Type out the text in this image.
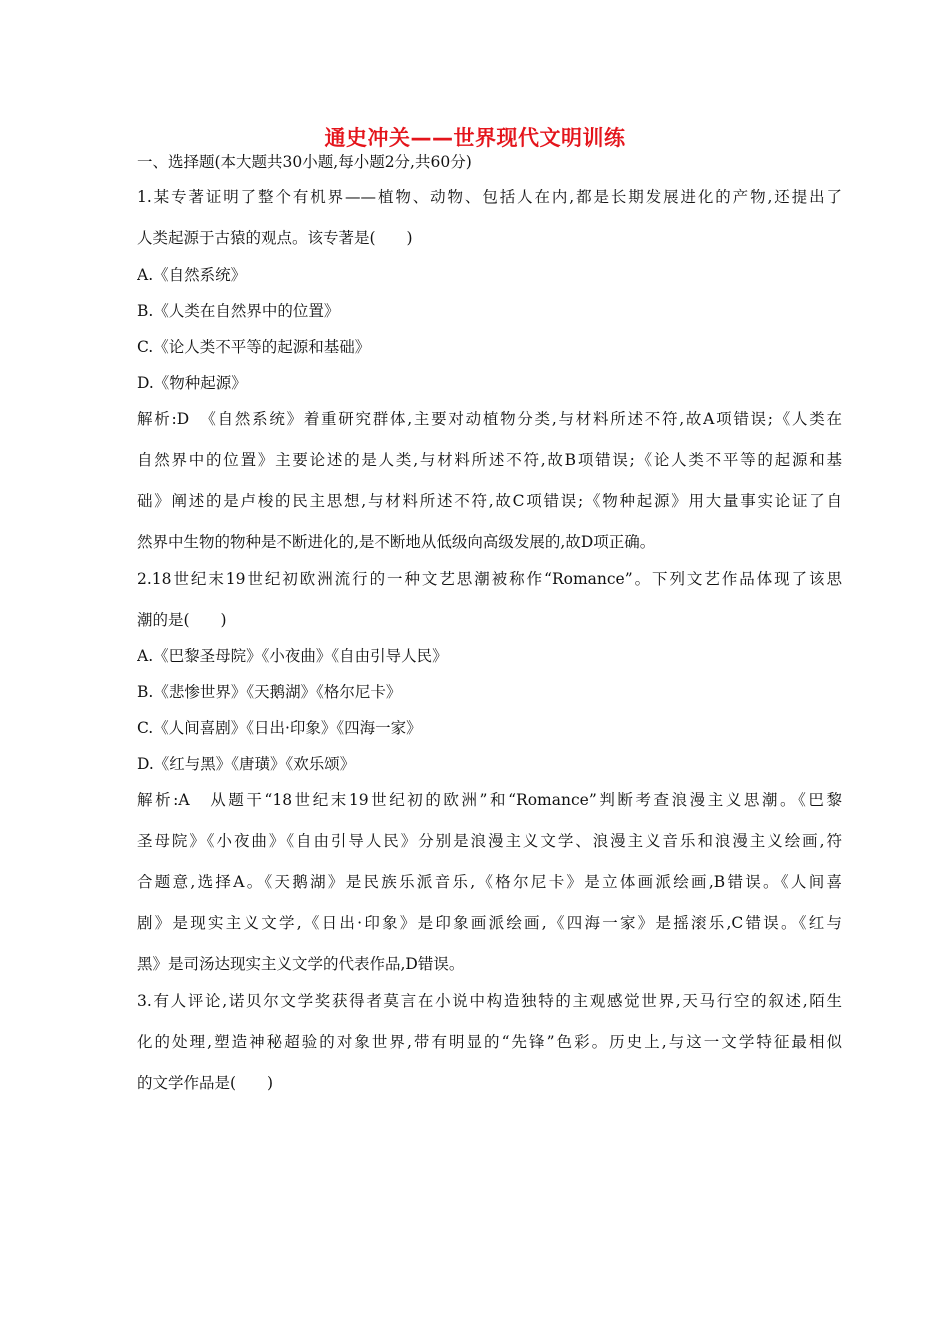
通史冲关——世界现代文明训练
一、选择题(本大题共30小题,每小题2分,共60分)
1.某专著证明了整个有机界——植物、动物、包括人在内,都是长期发展进化的产物,还提出了
人类起源于古猿的观点。该专著是(　　)
A.《自然系统》
B.《人类在自然界中的位置》
C.《论人类不平等的起源和基础》
D.《物种起源》
解析:D　《自然系统》着重研究群体,主要对动植物分类,与材料所述不符,故A项错误;《人类在
自然界中的位置》主要论述的是人类,与材料所述不符,故B项错误;《论人类不平等的起源和基
础》阐述的是卢梭的民主思想,与材料所述不符,故C项错误;《物种起源》用大量事实论证了自
然界中生物的物种是不断进化的,是不断地从低级向高级发展的,故D项正确。
2.18世纪末19世纪初欧洲流行的一种文艺思潮被称作“Romance”。下列文艺作品体现了该思
潮的是(　　)
A.《巴黎圣母院》《小夜曲》《自由引导人民》
B.《悲惨世界》《天鹅湖》《格尔尼卡》
C.《人间喜剧》《日出·印象》《四海一家》
D.《红与黑》《唐璜》《欢乐颂》
解析:A　从题干“18世纪末19世纪初的欧洲”和“Romance”判断考查浪漫主义思潮。《巴黎
圣母院》《小夜曲》《自由引导人民》分别是浪漫主义文学、浪漫主义音乐和浪漫主义绘画,符
合题意,选择A。《天鹅湖》是民族乐派音乐,《格尔尼卡》是立体画派绘画,B错误。《人间喜
剧》是现实主义文学,《日出·印象》是印象画派绘画,《四海一家》是摇滚乐,C错误。《红与
黑》是司汤达现实主义文学的代表作品,D错误。
3.有人评论,诺贝尔文学奖获得者莫言在小说中构造独特的主观感觉世界,天马行空的叙述,陌生
化的处理,塑造神秘超验的对象世界,带有明显的“先锋”色彩。历史上,与这一文学特征最相似
的文学作品是(　　)
